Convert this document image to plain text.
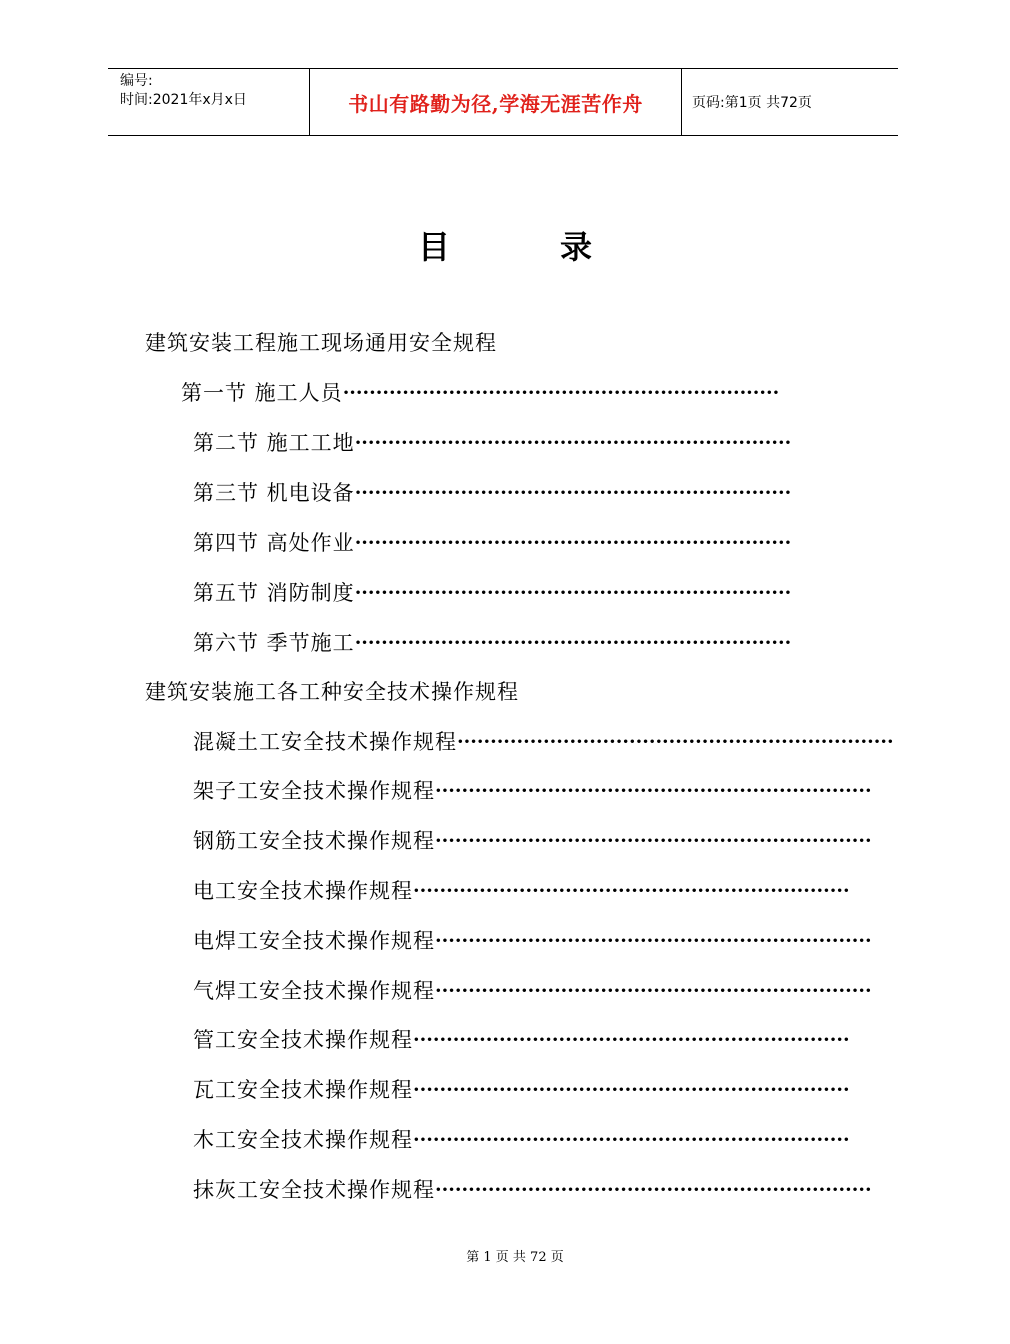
编号:
时间:2021年x月x日	书山有路勤为径,学海无涯苦作舟	页码:第1页 共72页
目	录
建筑安装工程施工现场通用安全规程
第一节 施工人员 ··································································
第二节 施工工地 ··································································
第三节 机电设备 ··································································
第四节 高处作业 ··································································
第五节 消防制度 ··································································
第六节 季节施工 ··································································
建筑安装施工各工种安全技术操作规程
混凝土工安全技术操作规程 ··································································
架子工安全技术操作规程 ··································································
钢筋工安全技术操作规程 ··································································
电工安全技术操作规程 ··································································
电焊工安全技术操作规程 ··································································
气焊工安全技术操作规程 ··································································
管工安全技术操作规程 ··································································
瓦工安全技术操作规程 ··································································
木工安全技术操作规程 ··································································
抹灰工安全技术操作规程 ··································································
第 1 页 共 72 页
